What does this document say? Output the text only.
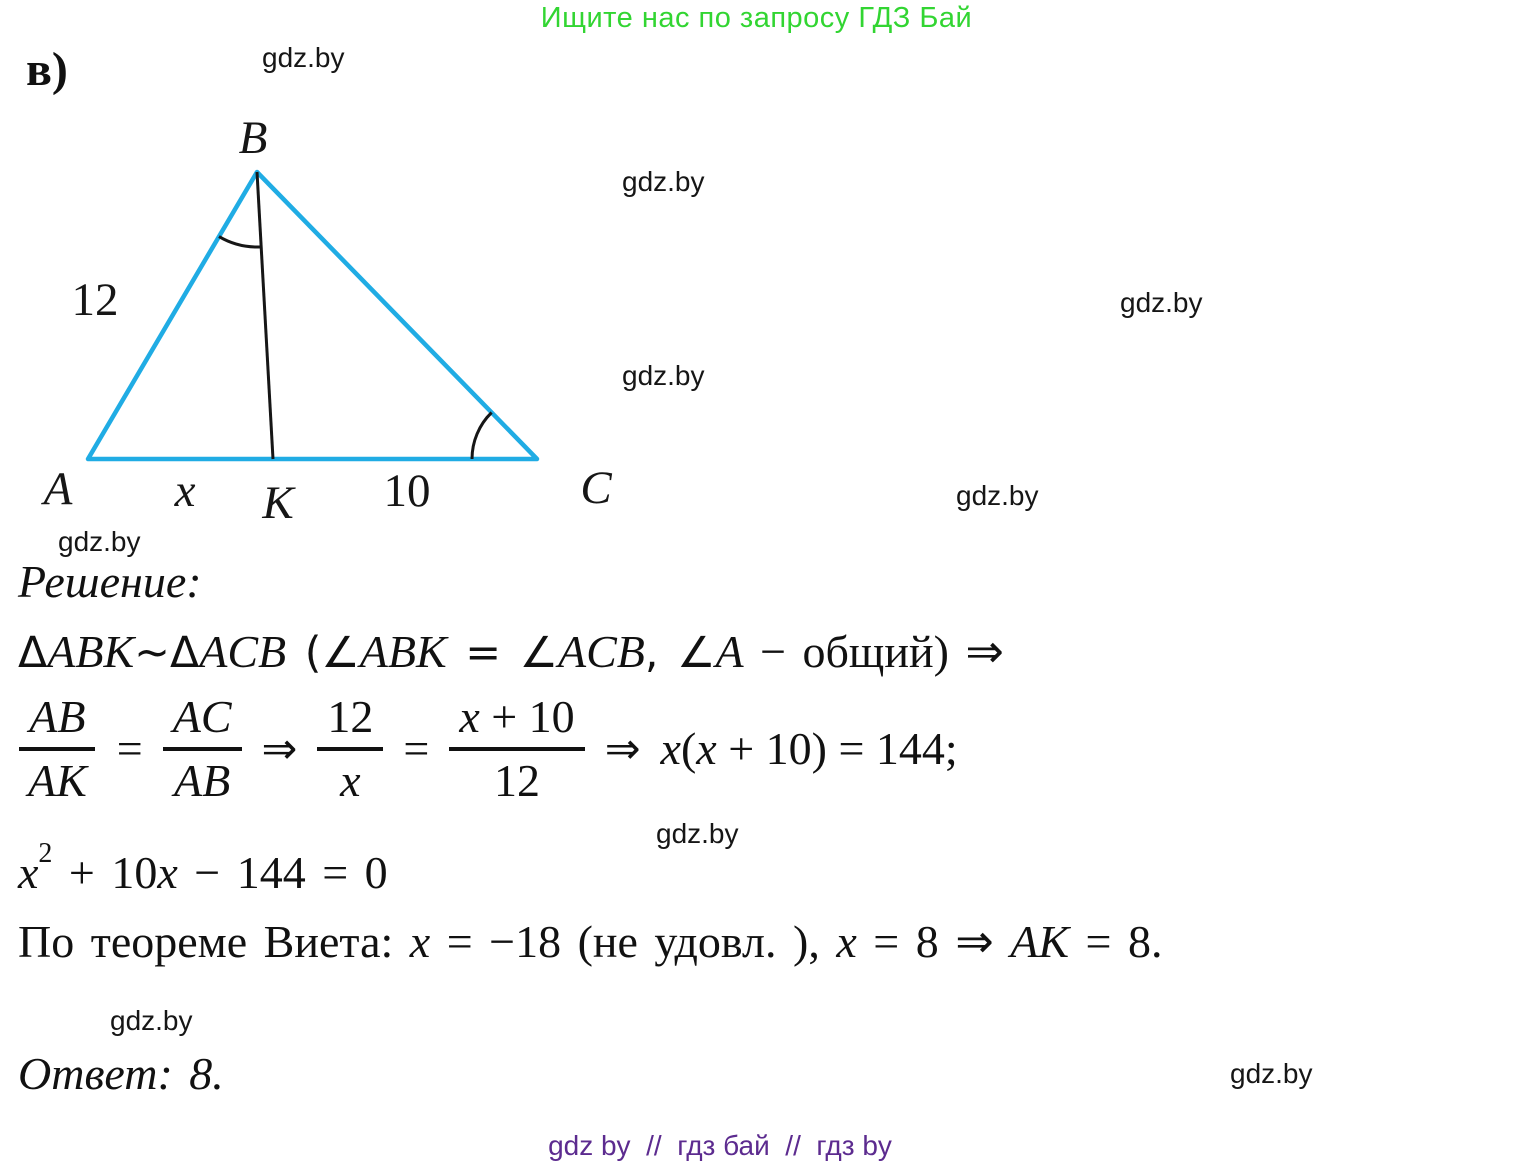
Ищите нас по запросу ГДЗ Бай
в)	gdz.by
gdz.by
gdz.by
gdz.by
gdz.by
gdz.by
gdz.by
gdz.by
gdz.by
B
12
A x K 10	C
Решение:
ΔABK~ΔACB (∠ABK = ∠ACB, ∠A − общий) ⇒
$\frac{AB}{AK} = \frac{AC}{AB}$ ⇒ $\frac{12}{x} = \frac{x + 10}{12}$ ⇒ x(x + 10) = 144;
$x^2 + 10x - 144 = 0$
По теореме Виета: x = −18 (не удовл. ), x = 8 ⇒ AK = 8.
Ответ: 8.
gdz by  //  гдз бай  //  гдз by
